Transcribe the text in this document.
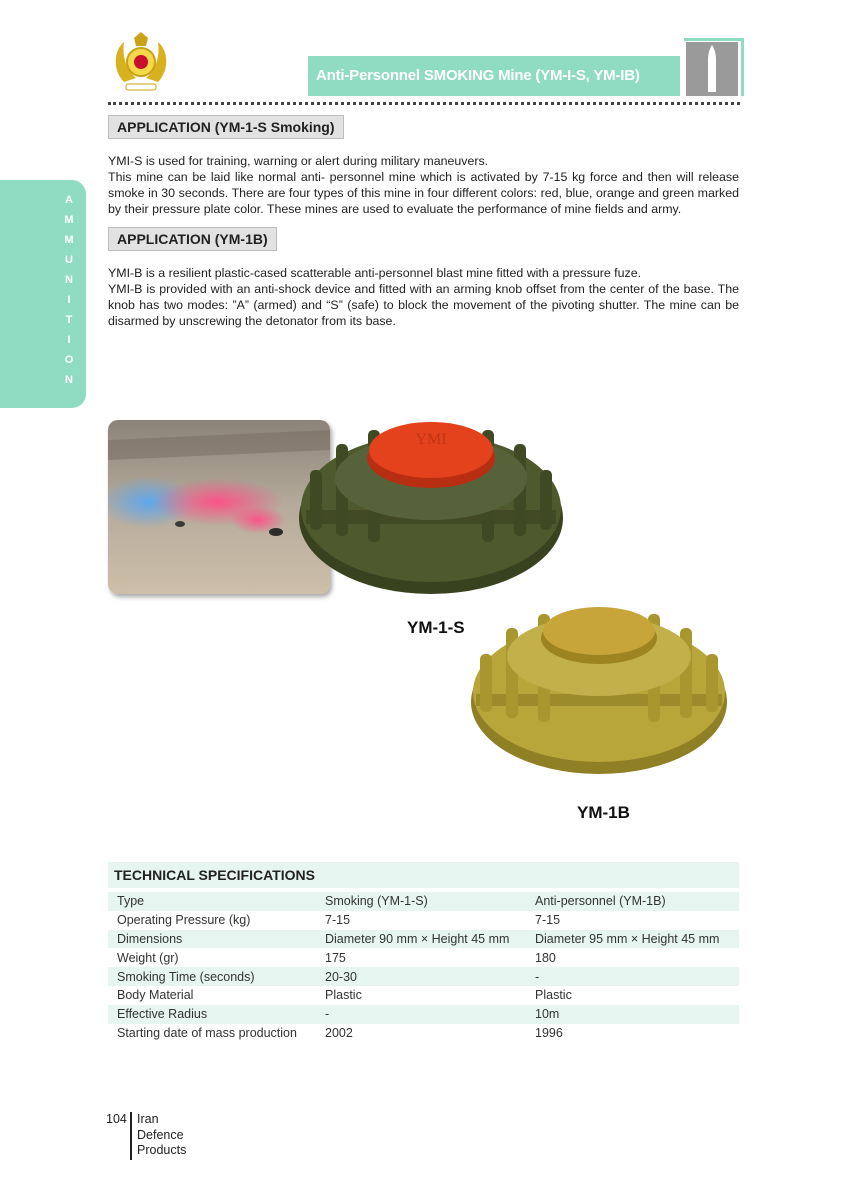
Anti-Personnel SMOKING Mine (YM-I-S, YM-IB)
A
M
M
U
N
I
T
I
O
N
APPLICATION (YM-1-S Smoking)

YMI-S is used for training, warning or alert during military maneuvers.

This mine can be laid like normal anti- personnel mine which is activated by 7-15 kg force and then will release smoke in 30 seconds. There are four types of this mine in four different colors: red, blue, orange and green marked by their pressure plate color. These mines are used to evaluate the performance of mine fields and army.

APPLICATION (YM-1B)

YMI-B is a resilient plastic-cased scatterable anti-personnel blast mine fitted with a pressure fuze.

YMI-B is provided with an anti-shock device and fitted with an arming knob offset from the center of the base. The knob has two modes: ”A” (armed) and “S” (safe) to block the movement of the pivoting shutter. The mine can be disarmed by unscrewing the detonator from its base.

YMI
YM-1-S
YM-1B
TECHNICAL SPECIFICATIONS
Type	Smoking (YM-1-S)	Anti-personnel (YM-1B)
Operating Pressure (kg)	7-15	7-15
Dimensions	Diameter 90 mm × Height 45 mm	Diameter 95 mm × Height 45 mm
Weight (gr)	175	180
Smoking Time (seconds)	20-30	-
Body Material	Plastic	Plastic
Effective Radius	-	10m
Starting date of mass production	2002	1996
104 Iran
Defence
Products
